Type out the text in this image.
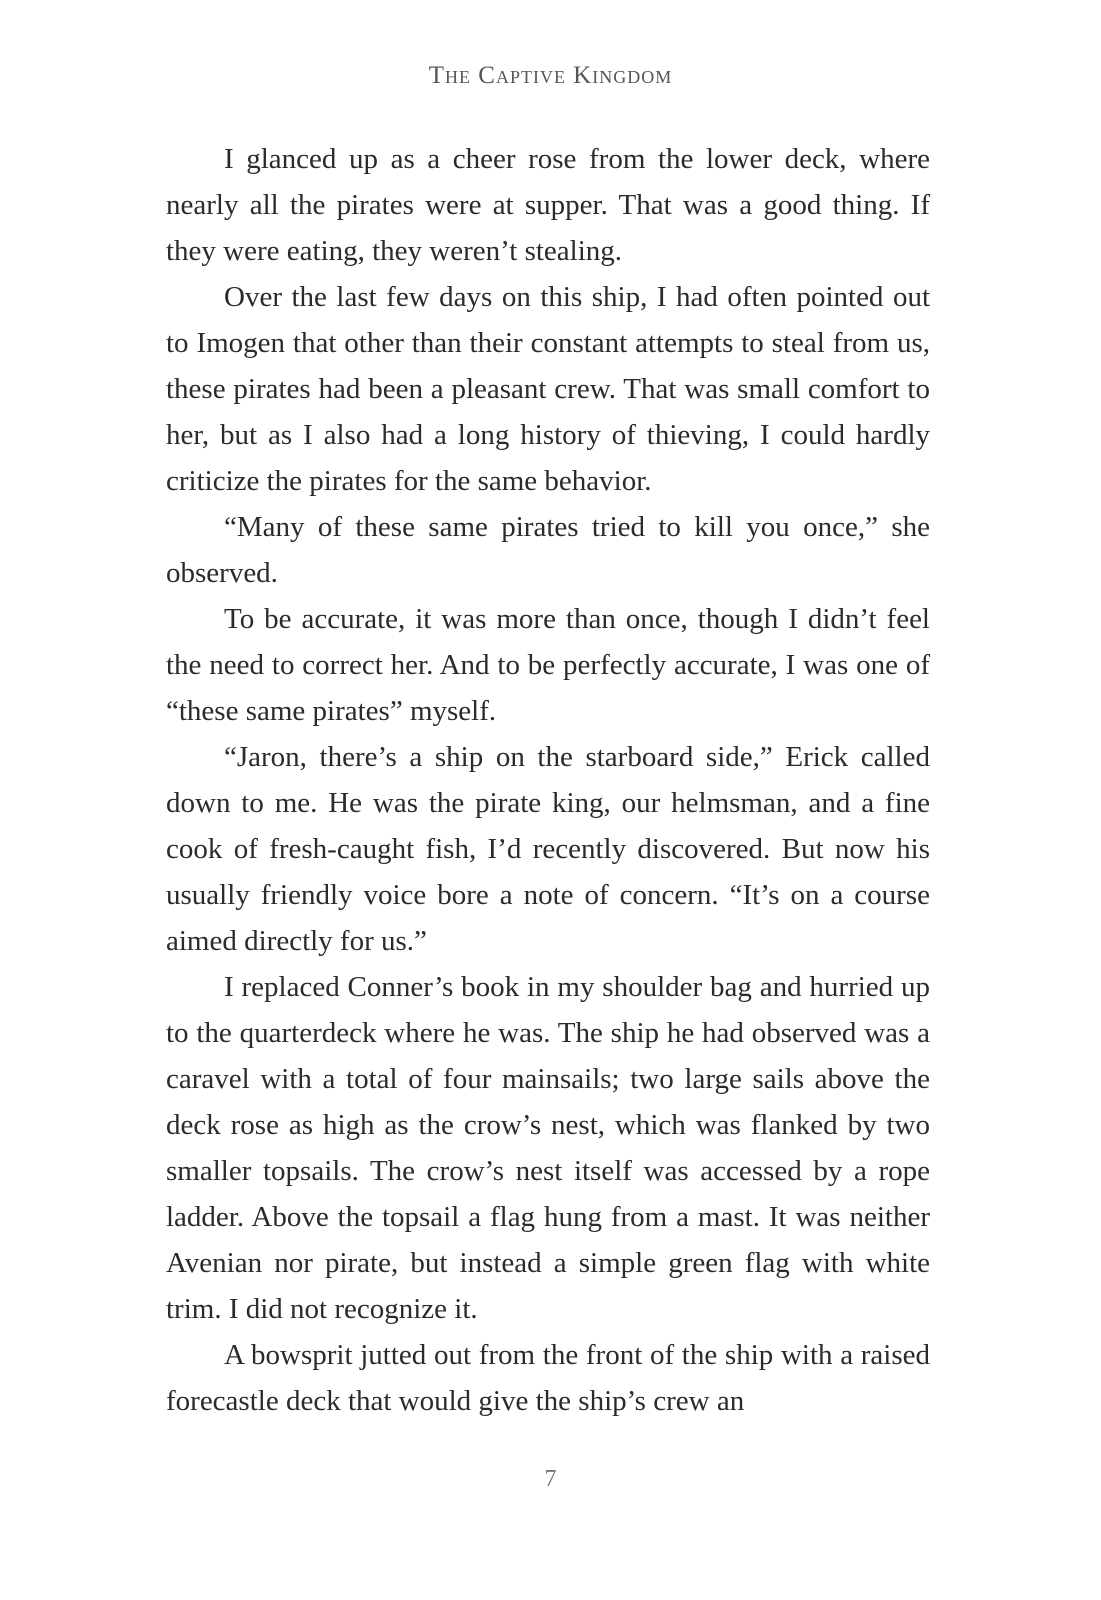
The Captive Kingdom

I glanced up as a cheer rose from the lower deck, where nearly all the pirates were at supper. That was a good thing. If they were eating, they weren’t stealing.

Over the last few days on this ship, I had often pointed out to Imogen that other than their constant attempts to steal from us, these pirates had been a pleasant crew. That was small comfort to her, but as I also had a long history of thieving, I could hardly criticize the pirates for the same behavior.

“Many of these same pirates tried to kill you once,” she observed.

To be accurate, it was more than once, though I didn’t feel the need to correct her. And to be perfectly accurate, I was one of “these same pirates” myself.

“Jaron, there’s a ship on the starboard side,” Erick called down to me. He was the pirate king, our helmsman, and a fine cook of fresh-caught fish, I’d recently discovered. But now his usually friendly voice bore a note of concern. “It’s on a course aimed directly for us.”

I replaced Conner’s book in my shoulder bag and hurried up to the quarterdeck where he was. The ship he had observed was a caravel with a total of four mainsails; two large sails above the deck rose as high as the crow’s nest, which was flanked by two smaller topsails. The crow’s nest itself was accessed by a rope ladder. Above the topsail a flag hung from a mast. It was neither Avenian nor pirate, but instead a simple green flag with white trim. I did not recognize it.

A bowsprit jutted out from the front of the ship with a raised forecastle deck that would give the ship’s crew an

7
